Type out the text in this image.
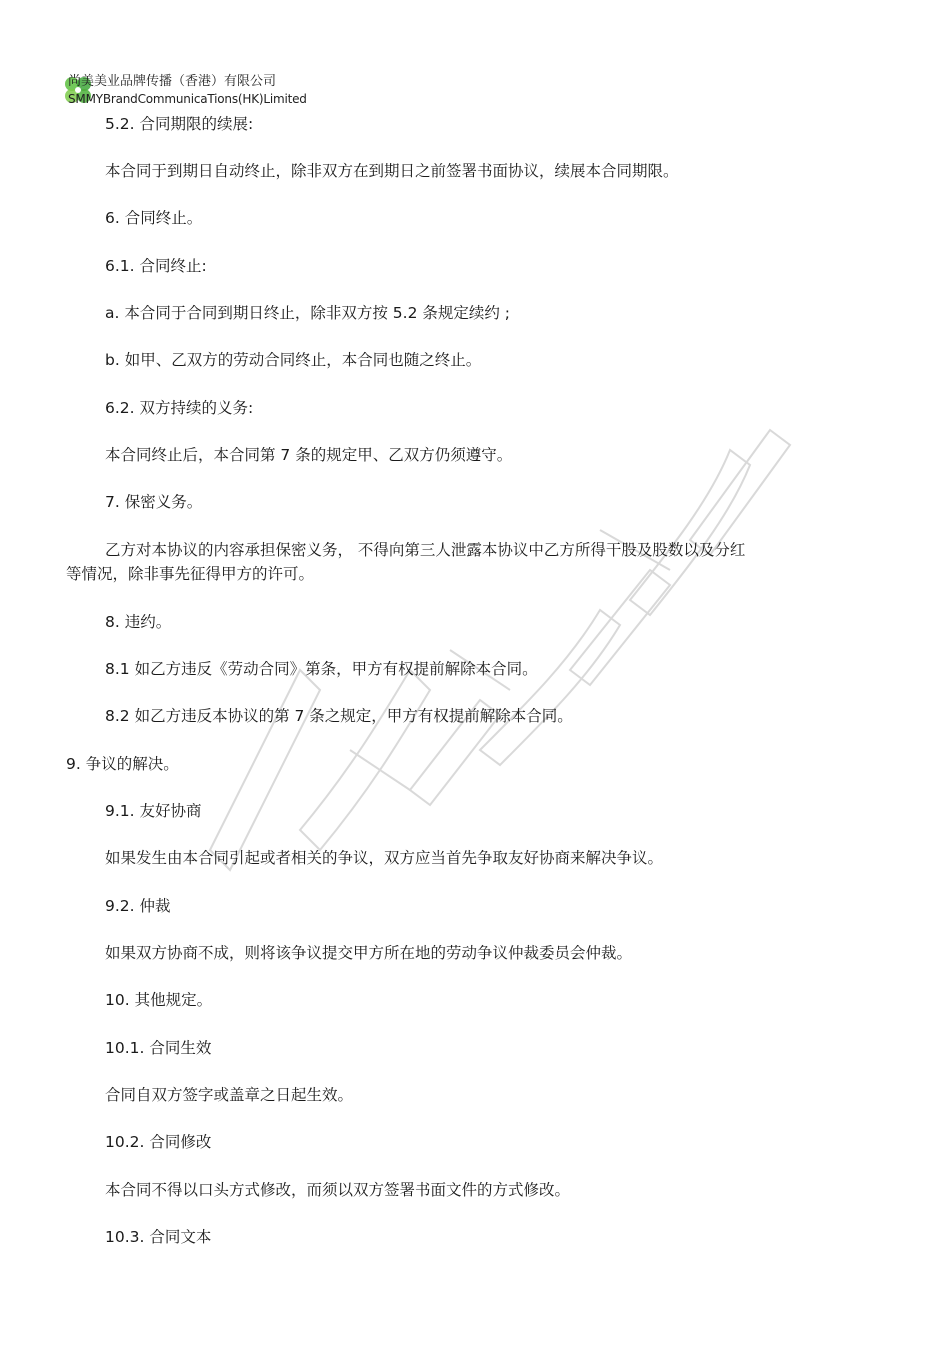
尚美美业品牌传播（香港）有限公司
SMMYBrandCommunicaTions(HK)Limited
5.2. 合同期限的续展:
本合同于到期日自动终止，除非双方在到期日之前签署书面协议，续展本合同期限。
6. 合同终止。
6.1. 合同终止:
a. 本合同于合同到期日终止，除非双方按 5.2 条规定续约 ;
b. 如甲、乙双方的劳动合同终止，本合同也随之终止。
6.2. 双方持续的义务:
本合同终止后，本合同第 7 条的规定甲、乙双方仍须遵守。
7. 保密义务。
乙方对本协议的内容承担保密义务， 不得向第三人泄露本协议中乙方所得干股及股数以及分红
等情况，除非事先征得甲方的许可。
8. 违约。
8.1 如乙方违反《劳动合同》第条，甲方有权提前解除本合同。
8.2 如乙方违反本协议的第 7 条之规定，甲方有权提前解除本合同。
9. 争议的解决。
9.1. 友好协商
如果发生由本合同引起或者相关的争议，双方应当首先争取友好协商来解决争议。
9.2. 仲裁
如果双方协商不成，则将该争议提交甲方所在地的劳动争议仲裁委员会仲裁。
10. 其他规定。
10.1. 合同生效
合同自双方签字或盖章之日起生效。
10.2. 合同修改
本合同不得以口头方式修改，而须以双方签署书面文件的方式修改。
10.3. 合同文本
